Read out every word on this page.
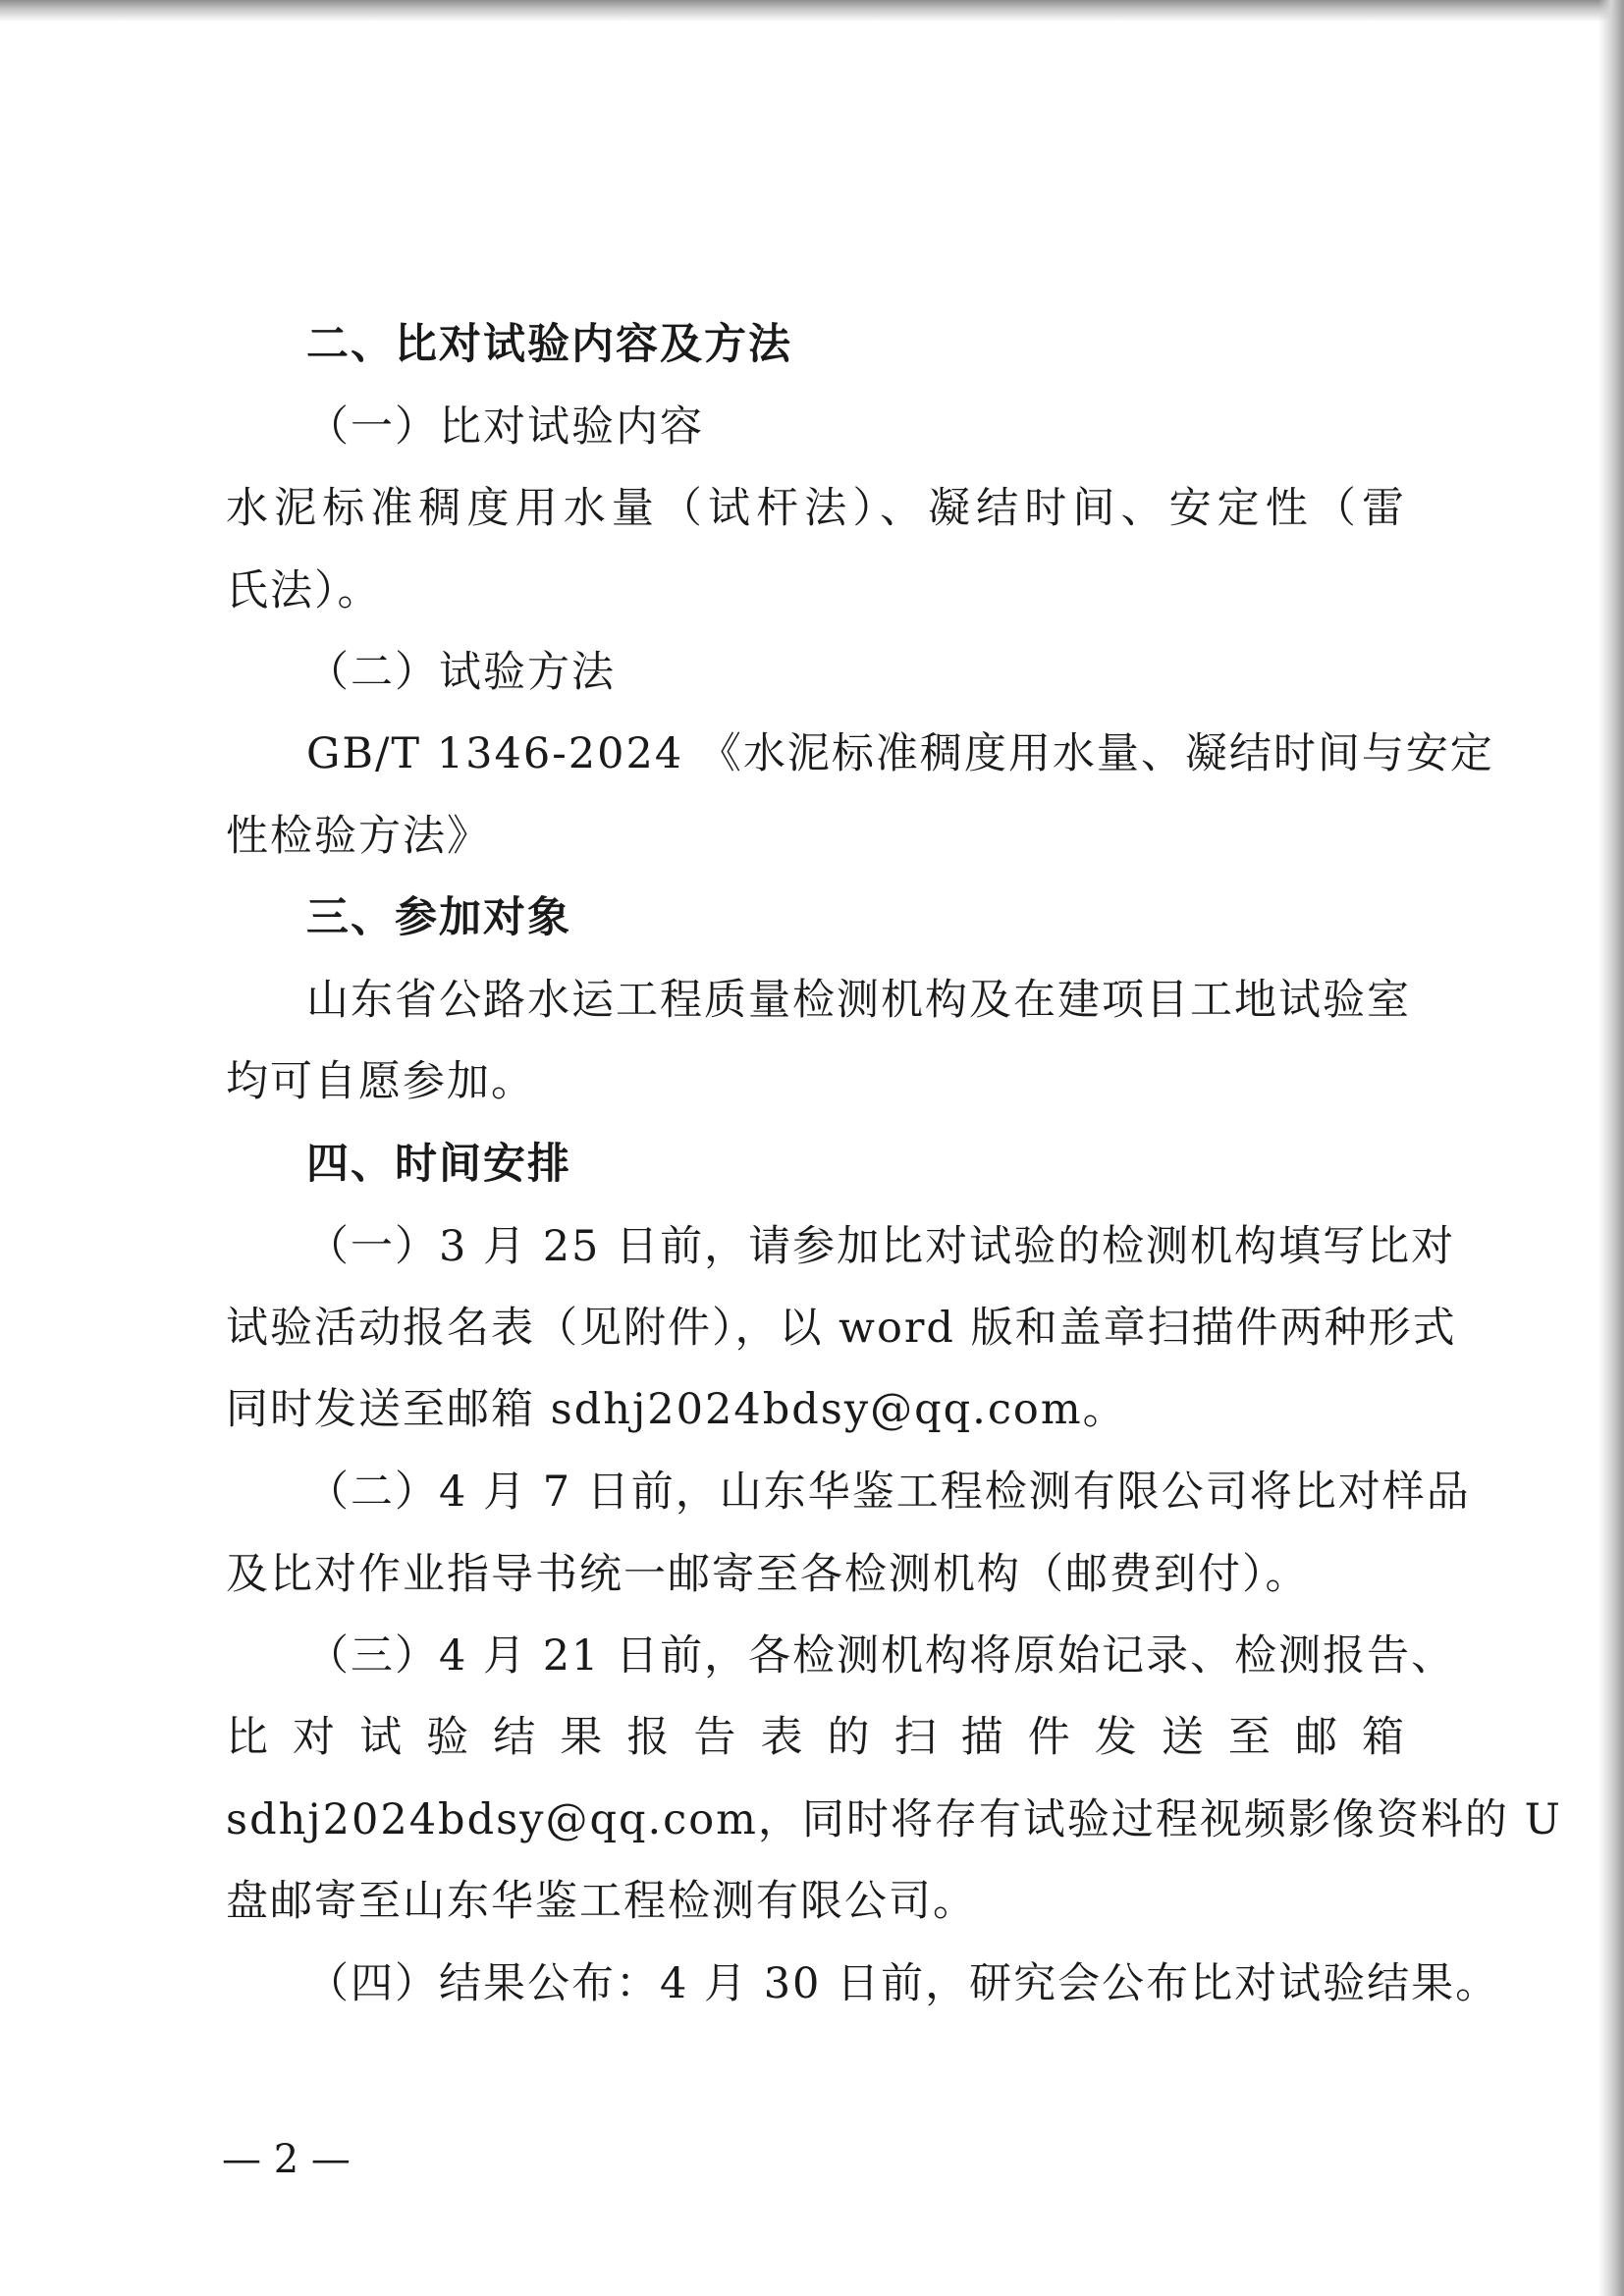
二、比对试验内容及方法

（一）比对试验内容

水泥标准稠度用水量（试杆法）、凝结时间、安定性（雷

氏法）。

（二）试验方法

GB/T 1346-2024 《水泥标准稠度用水量、凝结时间与安定

性检验方法》

三、参加对象

山东省公路水运工程质量检测机构及在建项目工地试验室

均可自愿参加。

四、时间安排

（一）3 月 25 日前，请参加比对试验的检测机构填写比对

试验活动报名表（见附件），以 word 版和盖章扫描件两种形式

同时发送至邮箱 sdhj2024bdsy@qq.com。

（二）4 月 7 日前，山东华鉴工程检测有限公司将比对样品

及比对作业指导书统一邮寄至各检测机构（邮费到付）。

（三）4 月 21 日前，各检测机构将原始记录、检测报告、

比对试验结果报告表的扫描件发送至邮箱

sdhj2024bdsy@qq.com，同时将存有试验过程视频影像资料的 U

盘邮寄至山东华鉴工程检测有限公司。

（四）结果公布：4 月 30 日前，研究会公布比对试验结果。

— 2 —
